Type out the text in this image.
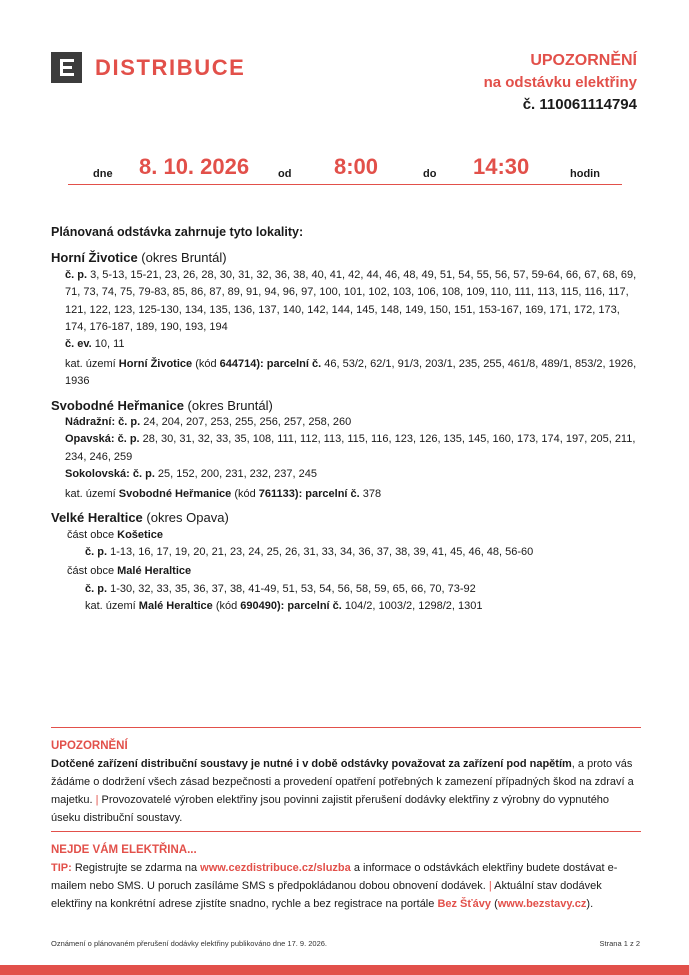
DISTRIBUCE	UPOZORNĚNÍ
na odstávku elektřiny
č. 110061114794
dne 8. 10. 2026	od 8:00	do 14:30	hodin
Plánovaná odstávka zahrnuje tyto lokality:
Horní Životice (okres Bruntál)
č. p. 3, 5-13, 15-21, 23, 26, 28, 30, 31, 32, 36, 38, 40, 41, 42, 44, 46, 48, 49, 51, 54, 55, 56, 57, 59-64, 66, 67, 68, 69, 71, 73, 74, 75, 79-83, 85, 86, 87, 89, 91, 94, 96, 97, 100, 101, 102, 103, 106, 108, 109, 110, 111, 113, 115, 116, 117, 121, 122, 123, 125-130, 134, 135, 136, 137, 140, 142, 144, 145, 148, 149, 150, 151, 153-167, 169, 171, 172, 173, 174, 176-187, 189, 190, 193, 194
č. ev. 10, 11
kat. území Horní Životice (kód 644714): parcelní č. 46, 53/2, 62/1, 91/3, 203/1, 235, 255, 461/8, 489/1, 853/2, 1926, 1936
Svobodné Heřmanice (okres Bruntál)
Nádražní: č. p. 24, 204, 207, 253, 255, 256, 257, 258, 260
Opavská: č. p. 28, 30, 31, 32, 33, 35, 108, 111, 112, 113, 115, 116, 123, 126, 135, 145, 160, 173, 174, 197, 205, 211, 234, 246, 259
Sokolovská: č. p. 25, 152, 200, 231, 232, 237, 245
kat. území Svobodné Heřmanice (kód 761133): parcelní č. 378
Velké Heraltice (okres Opava)
část obce Košetice
č. p. 1-13, 16, 17, 19, 20, 21, 23, 24, 25, 26, 31, 33, 34, 36, 37, 38, 39, 41, 45, 46, 48, 56-60
část obce Malé Heraltice
č. p. 1-30, 32, 33, 35, 36, 37, 38, 41-49, 51, 53, 54, 56, 58, 59, 65, 66, 70, 73-92
kat. území Malé Heraltice (kód 690490): parcelní č. 104/2, 1003/2, 1298/2, 1301
UPOZORNĚNÍ
Dotčené zařízení distribuční soustavy je nutné i v době odstávky považovat za zařízení pod napětím, a proto vás žádáme o dodržení všech zásad bezpečnosti a provedení opatření potřebných k zamezení případných škod na zdraví a majetku. | Provozovatelé výroben elektřiny jsou povinni zajistit přerušení dodávky elektřiny z výrobny do vypnutého úseku distribuční soustavy.
NEJDE VÁM ELEKTŘINA...
TIP: Registrujte se zdarma na www.cezdistribuce.cz/sluzba a informace o odstávkách elektřiny budete dostávat e-mailem nebo SMS. U poruch zasíláme SMS s předpokládanou dobou obnovení dodávek. | Aktuální stav dodávek elektřiny na konkrétní adrese zjistíte snadno, rychle a bez registrace na portále Bez Šťávy (www.bezstavy.cz).
Oznámení o plánovaném přerušení dodávky elektřiny publikováno dne 17. 9. 2026.	Strana 1 z 2
